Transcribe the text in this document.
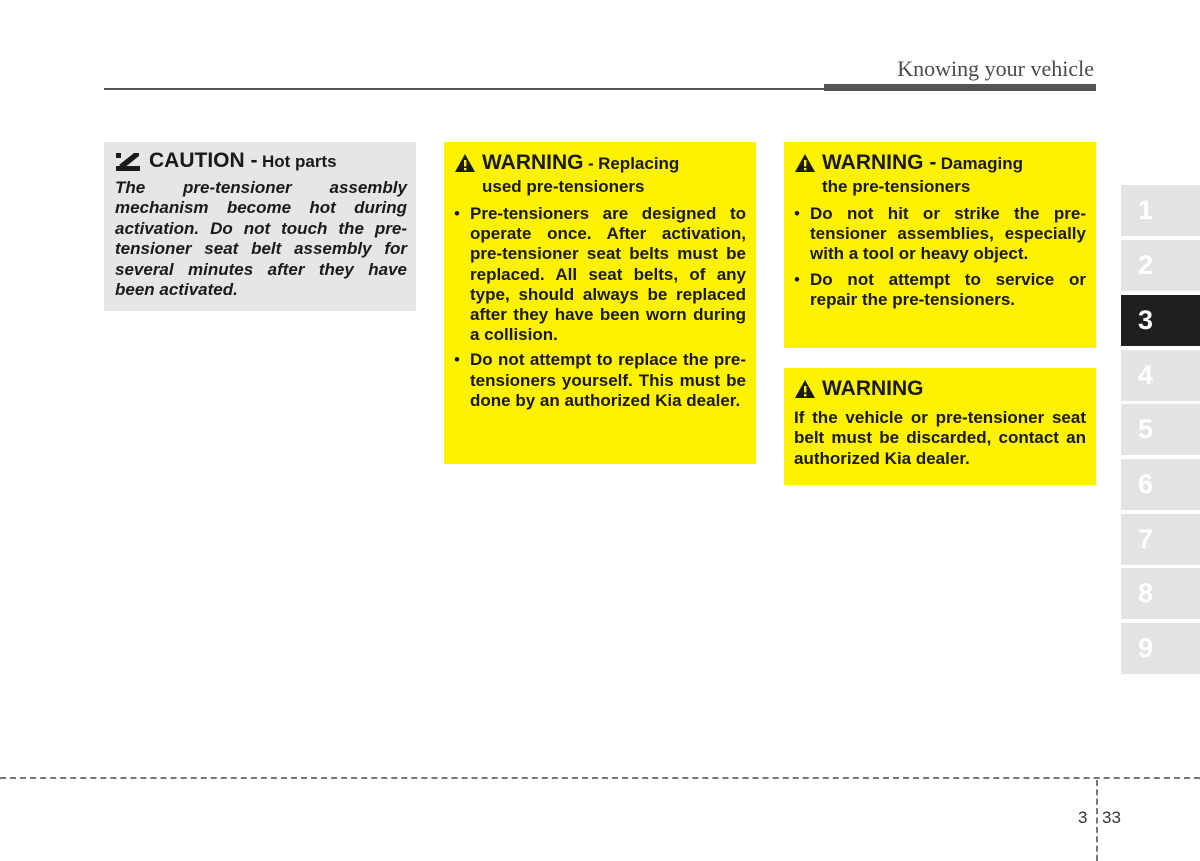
Knowing your vehicle
CAUTION - Hot parts
The pre-tensioner assembly mechanism become hot during activation. Do not touch the pre-tensioner seat belt assembly for several minutes after they have been activated.
WARNING - Replacing
used pre-tensioners
• Pre-tensioners are designed to operate once. After activation, pre-tensioner seat belts must be replaced. All seat belts, of any type, should always be replaced after they have been worn during a collision.
• Do not attempt to replace the pre-tensioners yourself. This must be done by an authorized Kia dealer.
WARNING - Damaging
the pre-tensioners
• Do not hit or strike the pre-tensioner assemblies, especially with a tool or heavy object.
• Do not attempt to service or repair the pre-tensioners.
WARNING
If the vehicle or pre-tensioner seat belt must be discarded, contact an authorized Kia dealer.
1
2
3
4
5
6
7
8
9
3 33
